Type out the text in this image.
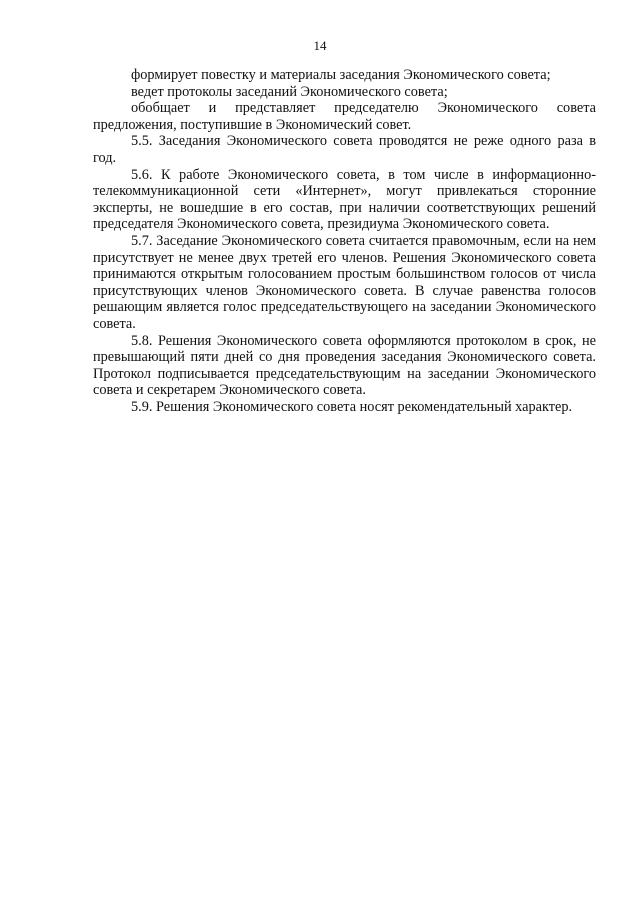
14

формирует повестку и материалы заседания Экономического совета;

ведет протоколы заседаний Экономического совета;

обобщает и представляет председателю Экономического совета предложения, поступившие в Экономический совет.

5.5. Заседания Экономического совета проводятся не реже одного раза в год.

5.6. К работе Экономического совета, в том числе в информационно-телекоммуникационной сети «Интернет», могут привлекаться сторонние эксперты, не вошедшие в его состав, при наличии соответствующих решений председателя Экономического совета, президиума Экономического совета.

5.7. Заседание Экономического совета считается правомочным, если на нем присутствует не менее двух третей его членов. Решения Экономического совета принимаются открытым голосованием простым большинством голосов от числа присутствующих членов Экономического совета. В случае равенства голосов решающим является голос председательствующего на заседании Экономического совета.

5.8. Решения Экономического совета оформляются протоколом в срок, не превышающий пяти дней со дня проведения заседания Экономического совета. Протокол подписывается председательствующим на заседании Экономического совета и секретарем Экономического совета.

5.9. Решения Экономического совета носят рекомендательный характер.
